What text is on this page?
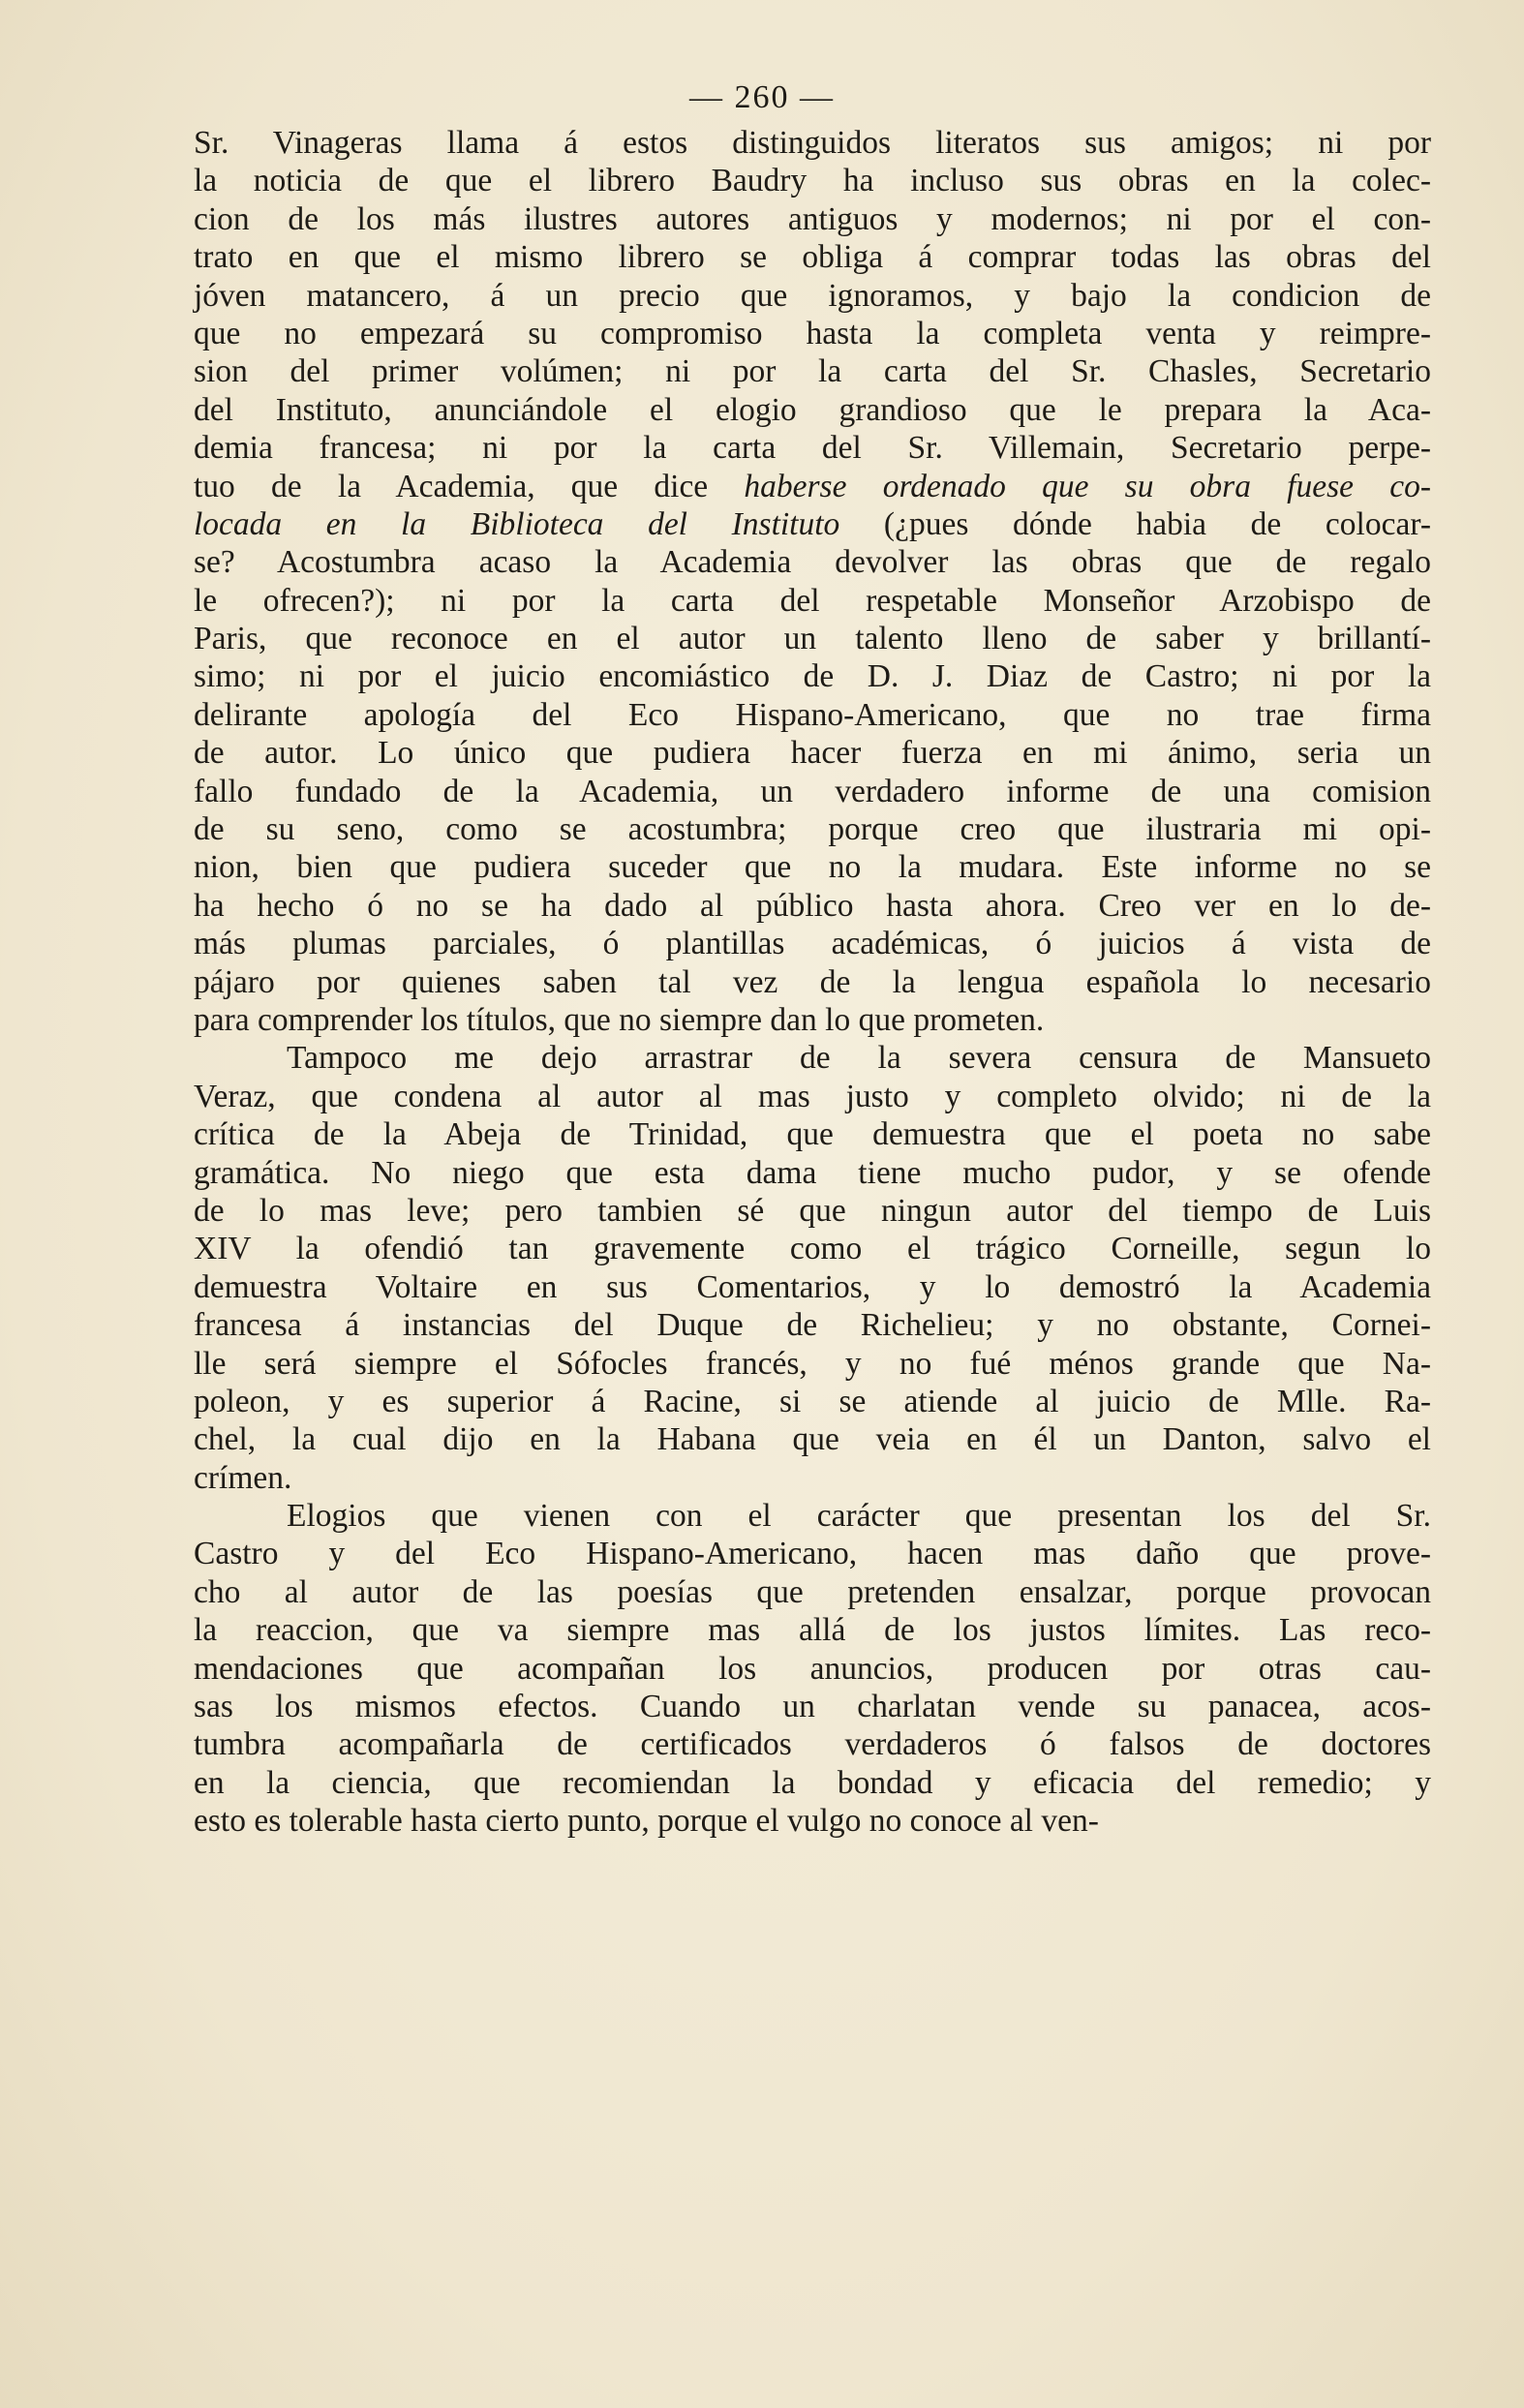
— 260 —
Sr. Vinageras llama á estos distinguidos literatos sus amigos; ni por
la noticia de que el librero Baudry ha incluso sus obras en la colec-
cion de los más ilustres autores antiguos y modernos; ni por el con-
trato en que el mismo librero se obliga á comprar todas las obras del
jóven matancero, á un precio que ignoramos, y bajo la condicion de
que no empezará su compromiso hasta la completa venta y reimpre-
sion del primer volúmen; ni por la carta del Sr. Chasles, Secretario
del Instituto, anunciándole el elogio grandioso que le prepara la Aca-
demia francesa; ni por la carta del Sr. Villemain, Secretario perpe-
tuo de la Academia, que dice haberse ordenado que su obra fuese co-
locada en la Biblioteca del Instituto (¿pues dónde habia de colocar-
se? Acostumbra acaso la Academia devolver las obras que de regalo
le ofrecen?); ni por la carta del respetable Monseñor Arzobispo de
Paris, que reconoce en el autor un talento lleno de saber y brillantí-
simo; ni por el juicio encomiástico de D. J. Diaz de Castro; ni por la
delirante apología del Eco Hispano-Americano, que no trae firma
de autor. Lo único que pudiera hacer fuerza en mi ánimo, seria un
fallo fundado de la Academia, un verdadero informe de una comision
de su seno, como se acostumbra; porque creo que ilustraria mi opi-
nion, bien que pudiera suceder que no la mudara. Este informe no se
ha hecho ó no se ha dado al público hasta ahora. Creo ver en lo de-
más plumas parciales, ó plantillas académicas, ó juicios á vista de
pájaro por quienes saben tal vez de la lengua española lo necesario
para comprender los títulos, que no siempre dan lo que prometen.
Tampoco me dejo arrastrar de la severa censura de Mansueto
Veraz, que condena al autor al mas justo y completo olvido; ni de la
crítica de la Abeja de Trinidad, que demuestra que el poeta no sabe
gramática. No niego que esta dama tiene mucho pudor, y se ofende
de lo mas leve; pero tambien sé que ningun autor del tiempo de Luis
XIV la ofendió tan gravemente como el trágico Corneille, segun lo
demuestra Voltaire en sus Comentarios, y lo demostró la Academia
francesa á instancias del Duque de Richelieu; y no obstante, Cornei-
lle será siempre el Sófocles francés, y no fué ménos grande que Na-
poleon, y es superior á Racine, si se atiende al juicio de Mlle. Ra-
chel, la cual dijo en la Habana que veia en él un Danton, salvo el
crímen.
Elogios que vienen con el carácter que presentan los del Sr.
Castro y del Eco Hispano-Americano, hacen mas daño que prove-
cho al autor de las poesías que pretenden ensalzar, porque provocan
la reaccion, que va siempre mas allá de los justos límites. Las reco-
mendaciones que acompañan los anuncios, producen por otras cau-
sas los mismos efectos. Cuando un charlatan vende su panacea, acos-
tumbra acompañarla de certificados verdaderos ó falsos de doctores
en la ciencia, que recomiendan la bondad y eficacia del remedio; y
esto es tolerable hasta cierto punto, porque el vulgo no conoce al ven-
